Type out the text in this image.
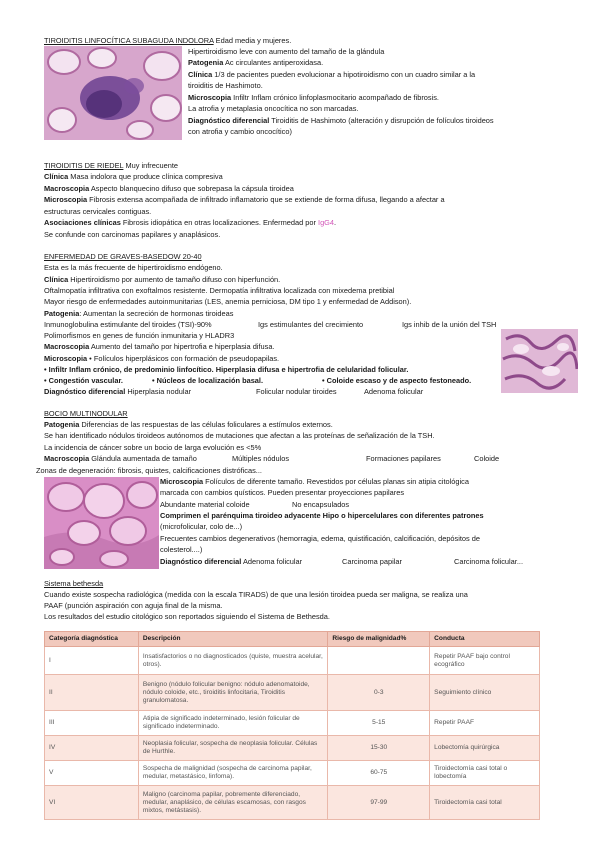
TIROIDITIS LINFOCÍTICA SUBAGUDA INDOLORA Edad media y mujeres.
Hipertiroidismo leve con aumento del tamaño de la glándula
Patogenia Ac circulantes antiperoxidasa.
Clínica 1/3 de pacientes pueden evolucionar a hipotiroidismo con un cuadro similar a la
tiroiditis de Hashimoto.
Microscopia Infiltr Inflam crónico linfoplasmocitario acompañado de fibrosis.
La atrofia y metaplasia oncocítica no son marcadas.
Diagnóstico diferencial Tiroiditis de Hashimoto (alteración y disrupción de folículos tiroideos
con atrofia y cambio oncocítico)
TIROIDITIS DE RIEDEL Muy infrecuente
Clínica Masa indolora que produce clínica compresiva
Macroscopia Aspecto blanquecino difuso que sobrepasa la cápsula tiroidea
Microscopia Fibrosis extensa acompañada de infiltrado inflamatorio que se extiende de forma difusa, llegando a afectar a
estructuras cervicales contiguas.
Asociaciones clínicas Fibrosis idiopática en otras localizaciones. Enfermedad por IgG4.
Se confunde con carcinomas papilares y anaplásicos.
ENFERMEDAD DE GRAVES-BASEDOW 20-40
Esta es la más frecuente de hipertiroidismo endógeno.
Clínica Hipertiroidismo por aumento de tamaño difuso con hiperfunción.
Oftalmopatía infiltrativa con exoftalmos resistente. Dermopatía infiltrativa localizada con mixedema pretibial
Mayor riesgo de enfermedades autoinmunitarias (LES, anemia perniciosa, DM tipo 1 y enfermedad de Addison).
Patogenia: Aumentan la secreción de hormonas tiroideas
Inmunoglobulina estimulante del tiroides (TSI)-90%	Igs estimulantes del crecimiento	Igs inhib de la unión del TSH
Polimorfismos en genes de función inmunitaria y HLADR3
Macroscopia Aumento del tamaño por hipertrofia e hiperplasia difusa.
Microscopia • Folículos hiperplásicos con formación de pseudopapilas.
• Infiltr Inflam crónico, de predominio linfocítico. Hiperplasia difusa e hipertrofia de celularidad folicular.
• Congestión vascular.	• Núcleos de localización basal.	• Coloide escaso y de aspecto festoneado.
Diagnóstico diferencial Hiperplasia nodular	Folicular nodular tiroides	Adenoma folicular
BOCIO MULTINODULAR
Patogenia Diferencias de las respuestas de las células foliculares a estímulos externos.
Se han identificado nódulos tiroideos autónomos de mutaciones que afectan a las proteínas de señalización de la TSH.
La incidencia de cáncer sobre un bocio de larga evolución es <5%
Macroscopia Glándula aumentada de tamaño	Múltiples nódulos	Formaciones papilares	Coloide
Zonas de degeneración: fibrosis, quistes, calcificaciones distróficas...
Microscopia Folículos de diferente tamaño. Revestidos por células planas sin atipia citológica
marcada con cambios quísticos. Pueden presentar proyecciones papilares
Abundante material coloide	No encapsulados
Comprimen el parénquima tiroideo adyacente Hipo o hipercelulares con diferentes patrones
(microfolicular, colo de...)
Frecuentes cambios degenerativos (hemorragia, edema, quistificación, calcificación, depósitos de
colesterol....)
Diagnóstico diferencial Adenoma folicular	Carcinoma papilar	Carcinoma folicular...
Sistema bethesda
Cuando existe sospecha radiológica (medida con la escala TIRADS) de que una lesión tiroidea pueda ser maligna, se realiza una
PAAF (punción aspiración con aguja final de la misma.
Los resultados del estudio citológico son reportados siguiendo el Sistema de Bethesda.
Categoría diagnóstica	Descripción	Riesgo de malignidad%	Conducta
I	Insatisfactorios o no diagnosticados (quiste, muestra acelular, otros).		Repetir PAAF bajo control ecográfico
II	Benigno (nódulo folicular benigno: nódulo adenomatoide, nódulo coloide, etc., tiroiditis linfocitaria, Tiroiditis granulomatosa.	0-3	Seguimiento clínico
III	Atipia de significado indeterminado, lesión folicular de significado indeterminado.	5-15	Repetir PAAF
IV	Neoplasia folicular, sospecha de neoplasia folicular. Células de Hurthle.	15-30	Lobectomía quirúrgica
V	Sospecha de malignidad (sospecha de carcinoma papilar, medular, metastásico, linfoma).	60-75	Tiroidectomía casi total o lobectomía
VI	Maligno (carcinoma papilar, pobremente diferenciado, medular, anaplásico, de células escamosas, con rasgos mixtos, metástasis).	97-99	Tiroidectomía casi total
